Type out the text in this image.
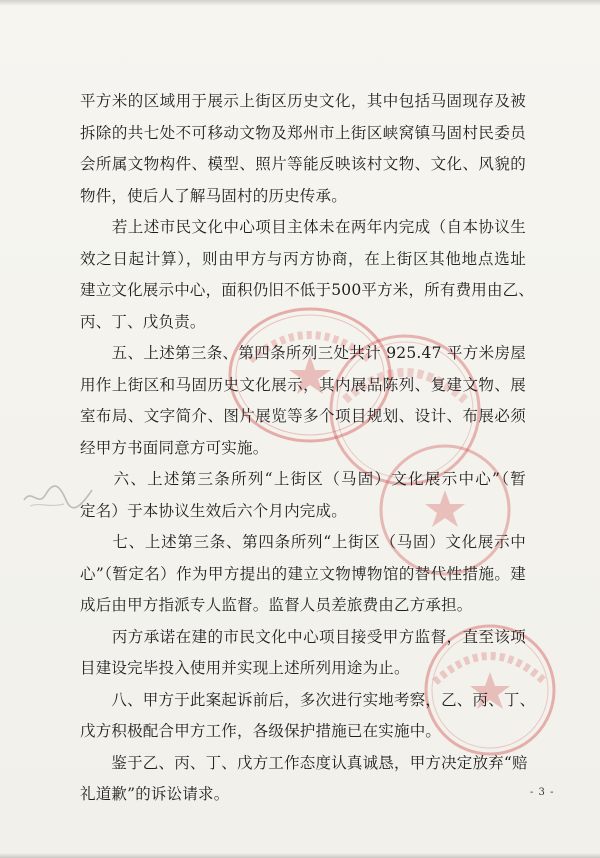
平方米的区域用于展示上街区历史文化，其中包括马固现存及被
拆除的共七处不可移动文物及郑州市上街区峡窝镇马固村民委员
会所属文物构件、模型、照片等能反映该村文物、文化、风貌的
物件，使后人了解马固村的历史传承。
　　若上述市民文化中心项目主体未在两年内完成（自本协议生
效之日起计算），则由甲方与丙方协商，在上街区其他地点选址
建立文化展示中心，面积仍旧不低于500平方米，所有费用由乙、
丙、丁、戊负责。
　　五、上述第三条、第四条所列三处共计 925.47 平方米房屋
用作上街区和马固历史文化展示，其内展品陈列、复建文物、展
室布局、文字简介、图片展览等多个项目规划、设计、布展必须
经甲方书面同意方可实施。
　　六、上述第三条所列“上街区（马固）文化展示中心”（暂
定名）于本协议生效后六个月内完成。
　　七、上述第三条、第四条所列“上街区（马固）文化展示中
心”（暂定名）作为甲方提出的建立文物博物馆的替代性措施。建
成后由甲方指派专人监督。监督人员差旅费由乙方承担。
　　丙方承诺在建的市民文化中心项目接受甲方监督，直至该项
目建设完毕投入使用并实现上述所列用途为止。
　　八、甲方于此案起诉前后，多次进行实地考察，乙、丙、丁、
戊方积极配合甲方工作，各级保护措施已在实施中。
　　鉴于乙、丙、丁、戊方工作态度认真诚恳，甲方决定放弃“赔
礼道歉”的诉讼请求。	- 3 -
